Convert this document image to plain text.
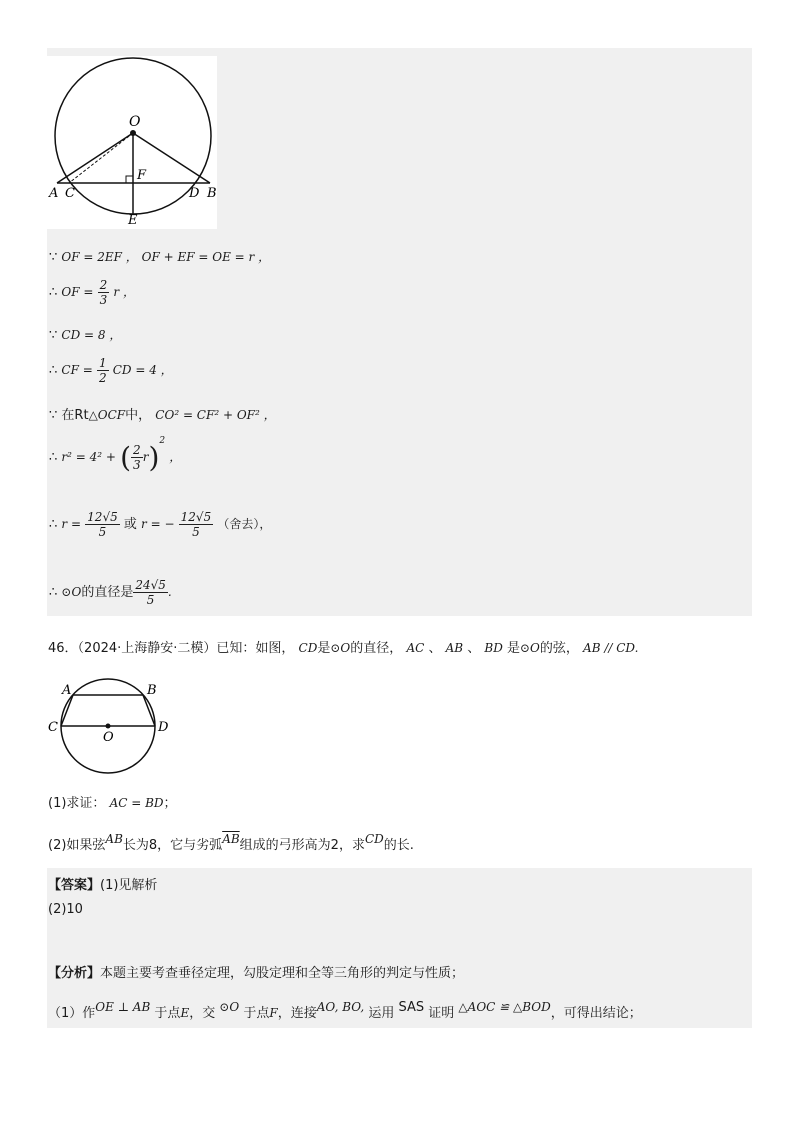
O
F
A C	D B
E
∵ OF = 2EF ， OF + EF = OE = r ，
∴ OF = $\frac{2}{3}$ r ，
∵ CD = 8 ，
∴ CF = $\frac{1}{2}$ CD = 4 ，
∵ 在Rt△OCF中， CO² = CF² + OF² ，
∴ r² = 4² + ( $\frac{2}{3} r)^2$ ，
∴ $r = \frac{12√5}{5}$ 或 r = − $\frac{12√5}{5}$ （舍去），
∴ ⊙O的直径是 $\frac{24√5}{5}$ .
46．（2024·上海静安·二模）已知：如图， CD是⊙O的直径， AC 、 AB 、 BD 是⊙O的弦， AB // CD.
A	B
C	D
O
(1)求证： AC = BD；
(2)如果弦AB长为8，它与劣弧$\overline{AB}$组成的弓形高为2，求CD的长.
【答案】(1)见解析
(2)10
【分析】本题主要考查垂径定理，勾股定理和全等三角形的判定与性质；
（1）作OE ⊥ AB 于点E，交 ⊙O 于点F，连接AO, BO, 运用 SAS 证明 △AOC ≌ △BOD，可得出结论；
